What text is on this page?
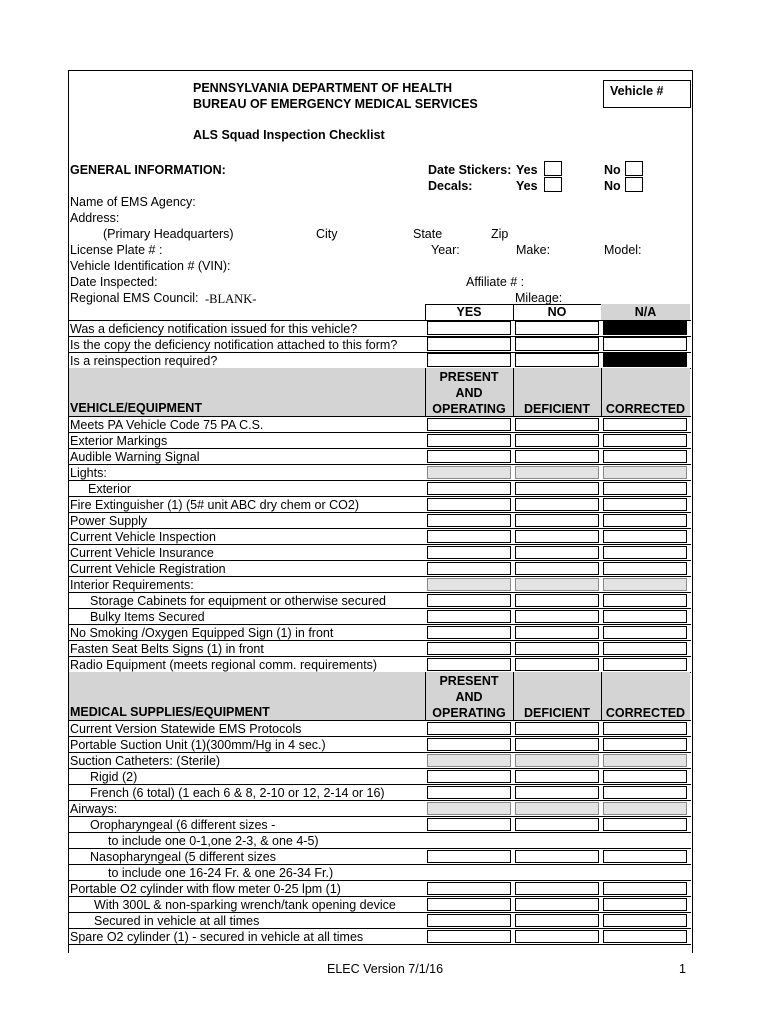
PENNSYLVANIA DEPARTMENT OF HEALTH
BUREAU OF EMERGENCY MEDICAL SERVICES
ALS Squad Inspection Checklist
Vehicle #
GENERAL INFORMATION:	Date Stickers: Yes	No
Decals:	Yes	No
Name of EMS Agency:
Address:
(Primary Headquarters)	City	State	Zip
License Plate # :	Year:	Make:	Model:
Vehicle Identification # (VIN):
Date Inspected:	Affiliate # :
Regional EMS Council: -BLANK-	Mileage:
YES	NO	N/A
Was a deficiency notification issued for this vehicle?
Is the copy the deficiency notification attached to this form?
Is a reinspection required?
VEHICLE/EQUIPMENT
PRESENT
AND
OPERATING	DEFICIENT	CORRECTED
Meets PA Vehicle Code 75 PA C.S.
Exterior Markings
Audible Warning Signal
Lights:
Exterior
Fire Extinguisher (1) (5# unit ABC dry chem or CO2)
Power Supply
Current Vehicle Inspection
Current Vehicle Insurance
Current Vehicle Registration
Interior Requirements:
Storage Cabinets for equipment or otherwise secured
Bulky Items Secured
No Smoking /Oxygen Equipped Sign (1) in front
Fasten Seat Belts Signs (1) in front
Radio Equipment (meets regional comm. requirements)
MEDICAL SUPPLIES/EQUIPMENT
PRESENT
AND
OPERATING	DEFICIENT	CORRECTED
Current Version Statewide EMS Protocols
Portable Suction Unit (1)(300mm/Hg in 4 sec.)
Suction Catheters: (Sterile)
Rigid (2)
French (6 total) (1 each 6 & 8, 2-10 or 12, 2-14 or 16)
Airways:
Oropharyngeal (6 different sizes -
to include one 0-1,one 2-3, & one 4-5)
Nasopharyngeal (5 different sizes
to include one 16-24 Fr. & one 26-34 Fr.)
Portable O2 cylinder with flow meter 0-25 lpm (1)
With 300L & non-sparking wrench/tank opening device
Secured in vehicle at all times
Spare O2 cylinder (1) - secured in vehicle at all times
ELEC Version 7/1/16	1
